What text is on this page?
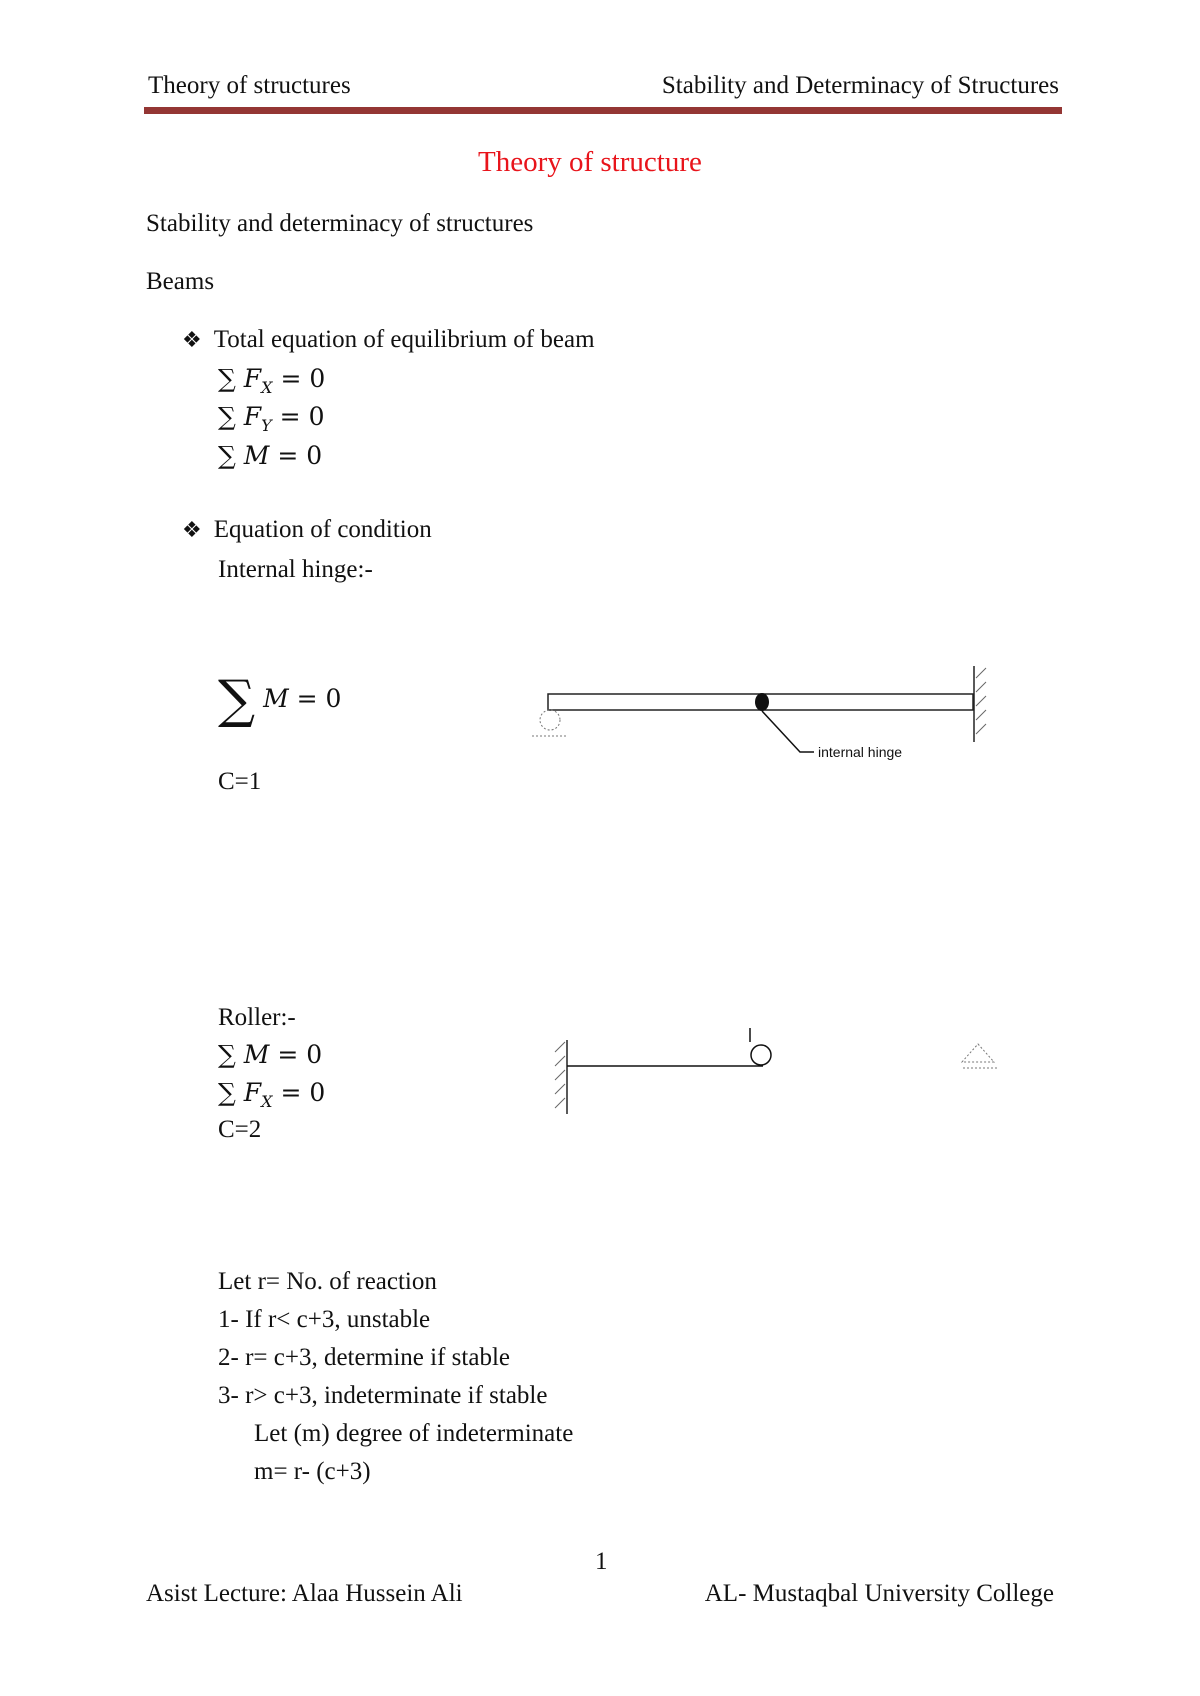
Theory of structures	Stability and Determinacy of Structures
Theory of structure
Stability and determinacy of structures
Beams
❖ Total equation of equilibrium of beam
∑ $F_X = 0$
∑ $F_Y = 0$
∑ M = 0
❖ Equation of condition
Internal hinge:-
∑ M = 0
C=1
internal hinge
Roller:-
∑ M = 0
∑ $F_X = 0$
C=2
Let r= No. of reaction
1- If r< c+3, unstable
2- r= c+3, determine if stable
3- r> c+3, indeterminate if stable
Let (m) degree of indeterminate
m= r- (c+3)
1
Asist Lecture: Alaa Hussein Ali	AL- Mustaqbal University College
